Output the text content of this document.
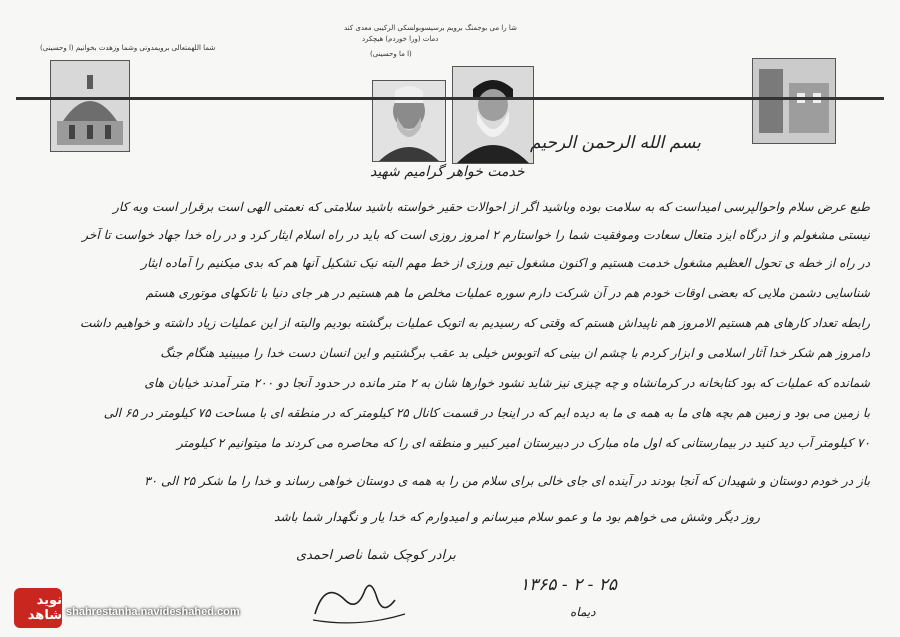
شما اللهمتعالی برویمدوتی وشما وزهدت بخوانیم (ا وحسینی)
شا را می بوجمنگ برویم برسیسوبولسکی الرکیبی معدی کند
دمات (ورا خوردم) هیچکرد
(ا ما وحسینی)
بسم الله الرحمن الرحیم
خدمت خواهر گرامیم شهید
طبع عرض سلام واحوالپرسی امیداست که به سلامت بوده وباشید اگر از احوالات حقیر خواسته باشید سلامتی که نعمتی الهی است برقرار است وبه کار
نیستی مشغولم و از درگاه ایزد متعال سعادت وموفقیت شما را خواستارم ۲ امروز روزی است که باید در راه اسلام ایثار کرد و در راه خدا جهاد خواست تا آخر
در راه از خطه ی تحول العظیم مشغول خدمت هستیم و اکنون مشغول تیم ورزی از خط مهم البته نیک تشکیل آنها هم که بدی میکنیم را آماده ایثار
شناسایی دشمن ملایی که بعضی اوقات خودم هم در آن شرکت دارم سوره عملیات مخلص ما هم هستیم در هر جای دنیا با تانکهای موتوری هستم
رابطه تعداد کارهای هم هستیم الامروز هم ناپیداش هستم که وقتی که رسیدیم به اتوبک عملیات برگشته بودیم والبته از این عملیات زیاد داشته و خواهیم داشت
دامروز هم شکر خدا آثار اسلامی و ابزار کردم با چشم ان بینی که اتوبوس خیلی بد عقب برگشتیم و این انسان دست خدا را میبینید هنگام جنگ
شمانده که عملیات که بود کتابخانه در کرمانشاه و چه چیزی نیز شاید نشود خوارها شان به ۲ متر مانده در حدود آنجا دو ۲۰۰ متر آمدند خیابان های
با زمین می بود و زمین هم بچه های ما به همه ی ما به دیده ایم که در اینجا در قسمت کانال ۲۵ کیلومتر که در منطقه ای با مساحت ۷۵ کیلومتر در ۶۵ الی
۷۰ کیلومتر آب دید کنید در بیمارستانی که اول ماه مبارک در دبیرستان امیر کبیر و منطقه ای را که محاصره می کردند ما میتوانیم ۲ کیلومتر
باز در خودم دوستان و شهیدان که آنجا بودند در آینده ای جای خالی برای سلام من را به همه ی دوستان خواهی رساند و خدا را ما شکر ۲۵ الی ۳۰
روز دیگر وشش می خواهم بود ما و عمو سلام میرسانم و امیدوارم که خدا یار و نگهدار شما باشد
برادر کوچک شما ناصر احمدی
۱۳۶۵ - ۲ - ۲۵
دیماه
نوید شاهد shahrestanha.navideshahed.com
